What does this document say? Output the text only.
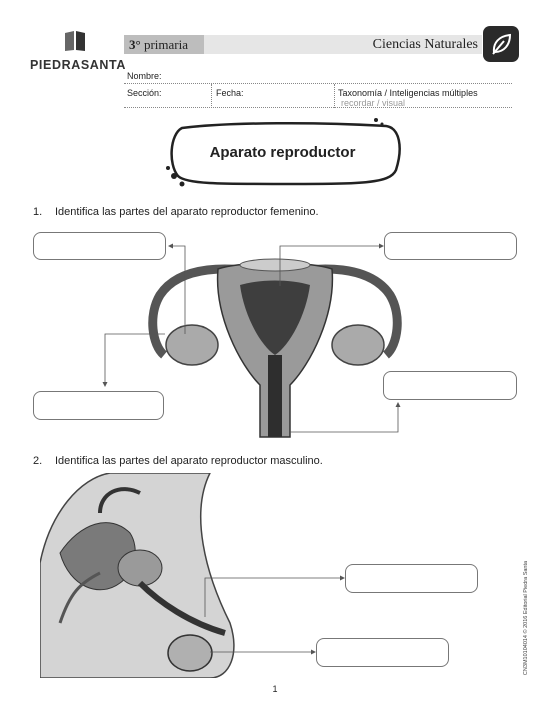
PIEDRASANTA
3° primaria	Ciencias Naturales
Nombre:
Sección:	Fecha:	Taxonomía / Inteligencias múltiples
recordar / visual
Aparato reproductor
1. Identifica las partes del aparato reproductor femenino.
2. Identifica las partes del aparato reproductor masculino.
CN3M10104014 © 2016 Editorial Piedra Santa
1
